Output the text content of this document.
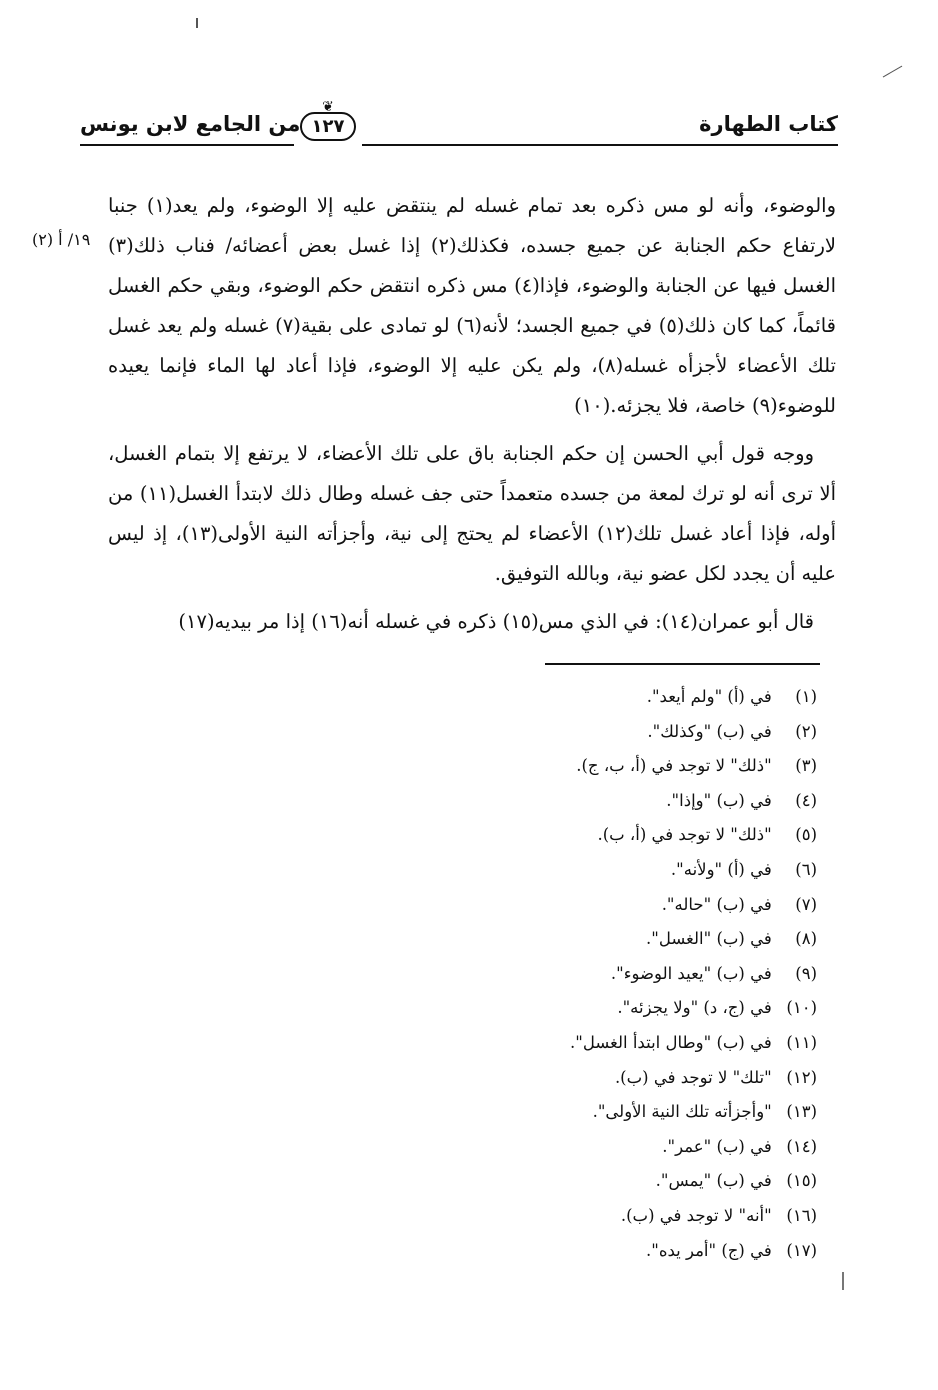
كتاب الطهارة
❦
١٢٧
من الجامع لابن يونس
١٩/ أ (٢)

والوضوء، وأنه لو مس ذكره بعد تمام غسله لم ينتقض عليه إلا الوضوء، ولم يعد(١) جنبا لارتفاع حكم الجنابة عن جميع جسده، فكذلك(٢) إذا غسل بعض أعضائه/ فناب ذلك(٣) الغسل فيها عن الجنابة والوضوء، فإذا(٤) مس ذكره انتقض حكم الوضوء، وبقي حكم الغسل قائماً، كما كان ذلك(٥) في جميع الجسد؛ لأنه(٦) لو تمادى على بقية(٧) غسله ولم يعد غسل تلك الأعضاء لأجزأه غسله(٨)، ولم يكن عليه إلا الوضوء، فإذا أعاد لها الماء فإنما يعيده للوضوء(٩) خاصة، فلا يجزئه.(١٠)

ووجه قول أبي الحسن إن حكم الجنابة باق على تلك الأعضاء، لا يرتفع إلا بتمام الغسل، ألا ترى أنه لو ترك لمعة من جسده متعمداً حتى جف غسله وطال ذلك لابتدأ الغسل(١١) من أوله، فإذا أعاد غسل تلك(١٢) الأعضاء لم يحتج إلى نية، وأجزأته النية الأولى(١٣)، إذ ليس عليه أن يجدد لكل عضو نية، وبالله التوفيق.

قال أبو عمران(١٤): في الذي مس(١٥) ذكره في غسله أنه(١٦) إذا مر بيديه(١٧)

(١) في (أ) "ولم أيعد".
(٢) في (ب) "وكذلك".
(٣) "ذلك" لا توجد في (أ، ب، ج).
(٤) في (ب) "وإذا".
(٥) "ذلك" لا توجد في (أ، ب).
(٦) في (أ) "ولأنه".
(٧) في (ب) "حاله".
(٨) في (ب) "الغسل".
(٩) في (ب) "يعيد الوضوء".
(١٠) في (ج، د) "ولا يجزئه".
(١١) في (ب) "وطال ابتدأ الغسل".
(١٢) "تلك" لا توجد في (ب).
(١٣) "وأجزأته تلك النية الأولى".
(١٤) في (ب) "عمر".
(١٥) في (ب) "يمس".
(١٦) "أنه" لا توجد في (ب).
(١٧) في (ج) "أمر يده".
